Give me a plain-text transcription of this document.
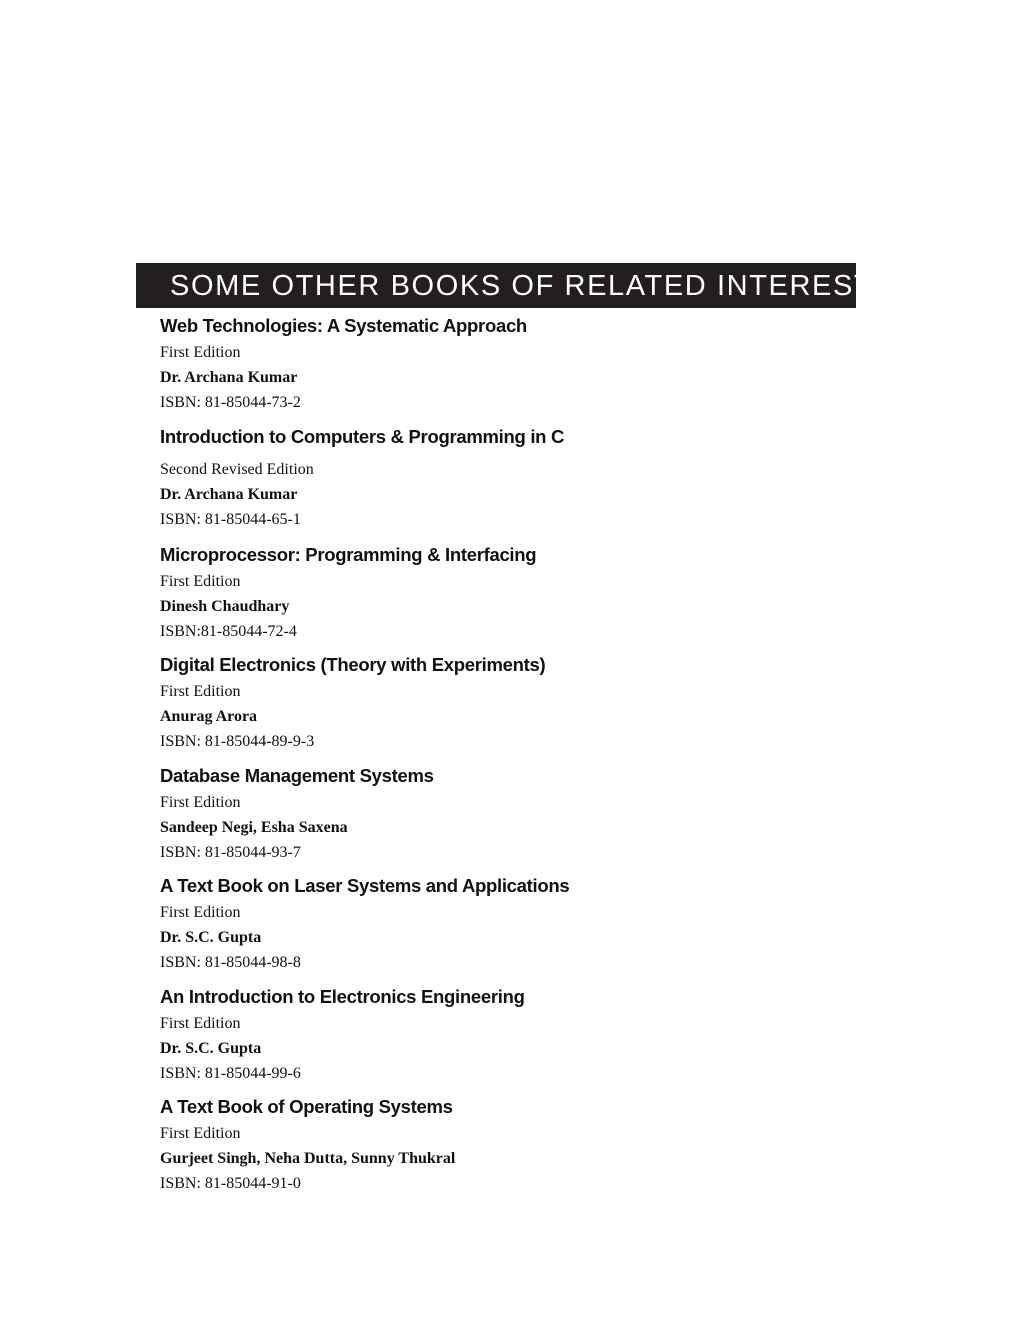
SOME OTHER BOOKS OF RELATED INTEREST
Web Technologies: A Systematic Approach
First Edition
Dr. Archana Kumar
ISBN: 81-85044-73-2
Introduction to Computers & Programming in C
Second Revised Edition
Dr. Archana Kumar
ISBN: 81-85044-65-1
Microprocessor: Programming & Interfacing
First Edition
Dinesh Chaudhary
ISBN:81-85044-72-4
Digital Electronics (Theory with Experiments)
First Edition
Anurag Arora
ISBN: 81-85044-89-9-3
Database Management Systems
First Edition
Sandeep Negi, Esha Saxena
ISBN: 81-85044-93-7
A Text Book on Laser Systems and Applications
First Edition
Dr. S.C. Gupta
ISBN: 81-85044-98-8
An Introduction to Electronics Engineering
First Edition
Dr. S.C. Gupta
ISBN: 81-85044-99-6
A Text Book of Operating Systems
First Edition
Gurjeet Singh, Neha Dutta, Sunny Thukral
ISBN: 81-85044-91-0
